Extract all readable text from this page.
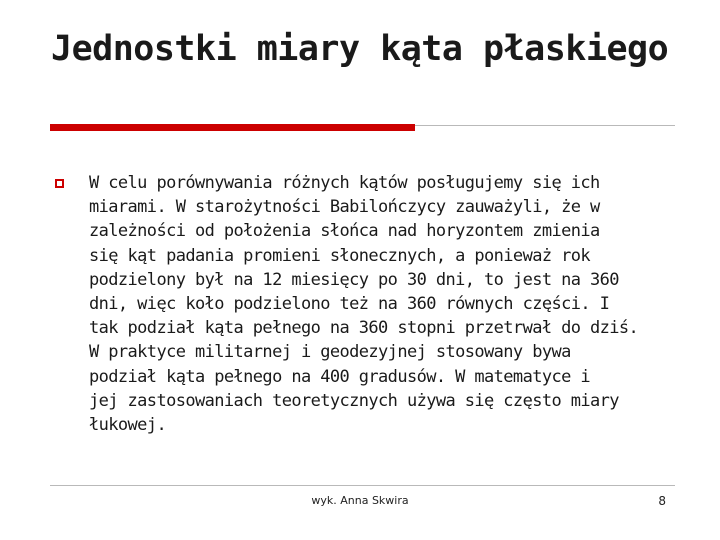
Jednostki miary kąta płaskiego

W celu porównywania różnych kątów posługujemy się ich
miarami. W starożytności Babilończycy zauważyli, że w
zależności od położenia słońca nad horyzontem zmienia
się kąt padania promieni słonecznych, a ponieważ rok
podzielony był na 12 miesięcy po 30 dni, to jest na 360
dni, więc koło podzielono też na 360 równych części. I
tak podział kąta pełnego na 360 stopni przetrwał do dziś.
W praktyce militarnej i geodezyjnej stosowany bywa
podział kąta pełnego na 400 gradusów. W matematyce i
jej zastosowaniach teoretycznych używa się często miary
łukowej.

wyk. Anna Skwira	8
